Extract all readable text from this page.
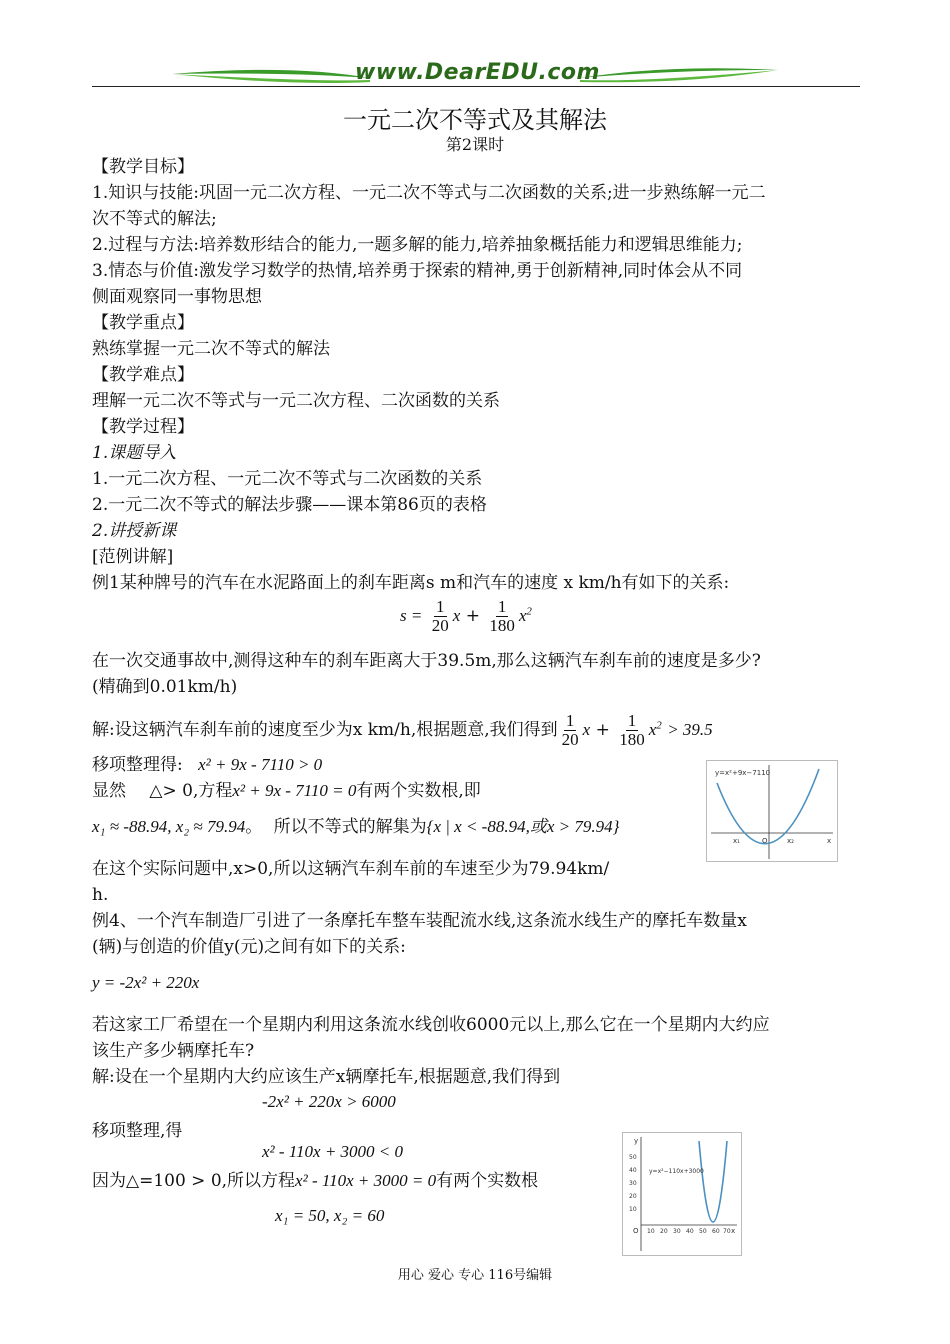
www.DearEDU.com
一元二次不等式及其解法
第2课时
【教学目标】
1.知识与技能:巩固一元二次方程、一元二次不等式与二次函数的关系;进一步熟练解一元二
次不等式的解法;
2.过程与方法:培养数形结合的能力,一题多解的能力,培养抽象概括能力和逻辑思维能力;
3.情态与价值:激发学习数学的热情,培养勇于探索的精神,勇于创新精神,同时体会从不同
侧面观察同一事物思想
【教学重点】
熟练掌握一元二次不等式的解法
【教学难点】
理解一元二次不等式与一元二次方程、二次函数的关系
【教学过程】
1.课题导入
1.一元二次方程、一元二次不等式与二次函数的关系
2.一元二次不等式的解法步骤——课本第86页的表格
2.讲授新课
[范例讲解]
例1某种牌号的汽车在水泥路面上的刹车距离s m和汽车的速度 x km/h有如下的关系:
$s = \frac{1}{20}$ $x + \frac{1}{180} x^2$
在一次交通事故中,测得这种车的刹车距离大于39.5m,那么这辆汽车刹车前的速度是多少?
(精确到0.01km/h)
解:设这辆汽车刹车前的速度至少为x km/h,根据题意,我们得到 $\frac{1}{20}$ $x + \frac{1}{180} x^2 > 39.5$
移项整理得: x² + 9x - 7110 > 0
显然 △> 0,方程x² + 9x - 7110 = 0有两个实数根,即
x₁ ≈ -88.94, x₂ ≈ 79.94。 所以不等式的解集为{x | x < -88.94,或x > 79.94}
在这个实际问题中,x>0,所以这辆汽车刹车前的车速至少为79.94km/
h.
y=x²+9x−7110
x₁	O	x₂	x
例4、一个汽车制造厂引进了一条摩托车整车装配流水线,这条流水线生产的摩托车数量x
(辆)与创造的价值y(元)之间有如下的关系:
y = -2x² + 220x
若这家工厂希望在一个星期内利用这条流水线创收6000元以上,那么它在一个星期内大约应
该生产多少辆摩托车?
解:设在一个星期内大约应该生产x辆摩托车,根据题意,我们得到
-2x² + 220x > 6000
移项整理,得
x² - 110x + 3000 < 0
因为△=100 > 0,所以方程x² - 110x + 3000 = 0有两个实数根
x₁ = 50, x₂ = 60
y=x²−110x+3000
y
x
O
50
40
30
20
10
10 20 30 40 50 60 70
用心 爱心 专心 116号编辑
